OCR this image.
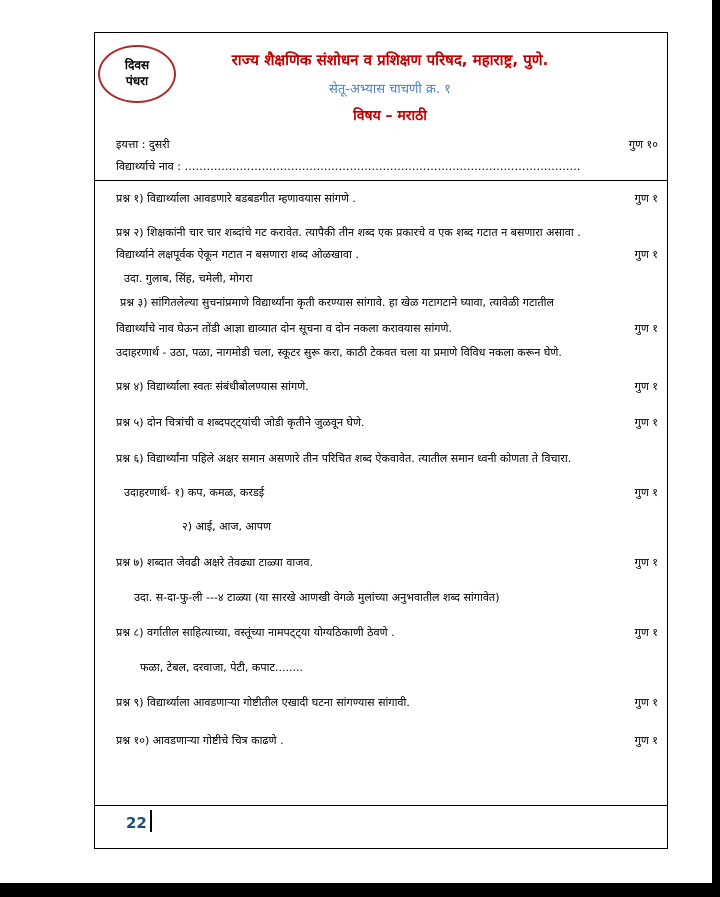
दिवस
पंधरा
राज्य शैक्षणिक संशोधन व प्रशिक्षण परिषद, महाराष्ट्र, पुणे.
सेतू-अभ्यास चाचणी क्र. १
विषय – मराठी
इयत्ता : दुसरी	गुण १०
विद्यार्थ्याचे नाव : ………………………………………………………………………………………………
प्रश्न १) विद्यार्थ्याला आवडणारे बडबडगीत म्हणावयास सांगणे .	गुण १
प्रश्न २) शिक्षकांनी चार चार शब्दांचे गट करावेत. त्यापैकी तीन शब्द एक प्रकारचे व एक शब्द गटात न बसणारा असावा .
विद्यार्थ्याने लक्षपूर्वक ऐकून गटात न बसणारा शब्द ओळखावा .	गुण १
उदा. गुलाब, सिंह, चमेली, मोगरा
प्रश्न ३) सांगितलेल्या सुचनांप्रमाणे विद्यार्थ्यांना कृती करण्यास सांगावे. हा खेळ गटागटाने घ्यावा, त्यावेळी गटातील
विद्यार्थ्यांचे नाव घेऊन तोंडी आज्ञा द्याव्यात दोन सूचना व दोन नकला करावयास सांगणे.	गुण १
उदाहरणार्थ - उठा, पळा, नागमोडी चला, स्कूटर सुरू करा, काठी टेकवत चला या प्रमाणे विविध नकला करून घेणे.
प्रश्न ४) विद्यार्थ्याला स्वतः संबंधीबोलण्यास सांगणे.	गुण १
प्रश्न ५) दोन चित्रांची व शब्दपट्ट्यांची जोडी कृतीने जुळवून घेणे.	गुण १
प्रश्न ६) विद्यार्थ्यांना पहिले अक्षर समान असणारे तीन परिचित शब्द ऐकवावेत. त्यातील समान ध्वनी कोणता ते विचारा.
उदाहरणार्थ- १) कप, कमळ, करडई	गुण १
२) आई, आज, आपण
प्रश्न ७) शब्दात जेवढी अक्षरे तेवढ्या टाळ्या वाजव.	गुण १
उदा. स-दा-फु-ली ---४ टाळ्या (या सारखे आणखी वेगळे मुलांच्या अनुभवातील शब्द सांगावेत)
प्रश्न ८) वर्गातील साहित्याच्या, वस्तूंच्या नामपट्ट्या योग्यठिकाणी ठेवणे .	गुण १
फळा, टेबल, दरवाजा, पेटी, कपाट........
प्रश्न ९) विद्यार्थ्याला आवडणाऱ्या गोष्टीतील एखादी घटना सांगण्यास सांगावी.	गुण १
प्रश्न १०) आवडणाऱ्या गोष्टीचे चित्र काढणे .	गुण १
22
